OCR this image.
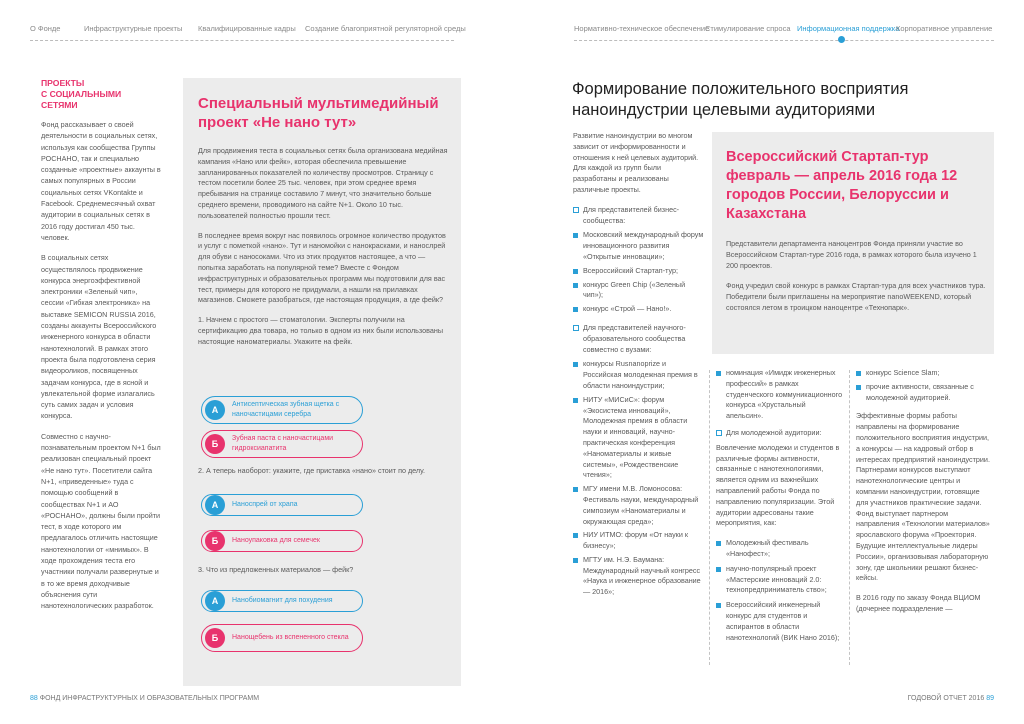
О Фонде	Инфраструктурные проекты Квалифицированные кадры Создание благоприятной регуляторной среды	Нормативно-техническое обеспечение
Стимулирование спроса Информационная поддержка
Корпоративное управление
ПРОЕКТЫ
С СОЦИАЛЬНЫМИ
СЕТЯМИ

Фонд рассказывает о своей деятельности в социальных сетях, используя как сообщества Группы РОСНАНО, так и специально созданные «проектные» аккаунты в самых популярных в России социальных сетях VKontakte и Facebook. Среднемесячный охват аудитории в социальных сетях в 2016 году достигал 450 тыс. человек.

В социальных сетях осуществлялось продвижение конкурса энергоэффективной электроники «Зеленый чип», сессии «Гибкая электроника» на выставке SEMICON RUSSIA 2016, созданы аккаунты Всероссийского инженерного конкурса в области нанотехнологий. В рамках этого проекта была подготовлена серия видеороликов, посвященных задачам конкурса, где в ясной и увлекательной форме излагались суть самих задач и условия конкурса.

Совместно с научно-познавательным проектом N+1 был реализован специальный проект «Не нано тут». Посетители сайта N+1, «приведенные» туда с помощью сообщений в сообществах N+1 и АО «РОСНАНО», должны были пройти тест, в ходе которого им предлагалось отличить настоящие нанотехнологии от «мнимых». В ходе прохождения теста его участники получали развернутые и в то же время доходчивые объяснения сути нанотехнологических разработок.

Специальный мультимедийный проект «Не нано тут»

Для продвижения теста в социальных сетях была организована медийная кампания «Нано или фейк», которая обеспечила превышение запланированных показателей по количеству просмотров. Страницу с тестом посетили более 25 тыс. человек, при этом среднее время пребывания на странице составило 7 минут, что значительно больше среднего времени, проводимого на сайте N+1. Около 10 тыс. пользователей полностью прошли тест.

В последнее время вокруг нас появилось огромное количество продуктов и услуг с пометкой «нано». Тут и наномойки с нанокрасками, и нанослрей для обуви с наносоками. Что из этих продуктов настоящее, а что — попытка заработать на популярной теме? Вместе с Фондом инфраструктурных и образовательных программ мы подготовили для вас тест, примеры для которого не придумали, а нашли на прилавках магазинов. Сможете разобраться, где настоящая продукция, а где фейк?

1. Начнем с простого — стоматологии. Эксперты получили на сертификацию два товара, но только в одном из них были использованы настоящие наноматериалы. Укажите на фейк.

А
Антисептическая зубная щетка с наночастицами серебра
Б
Зубная паста с наночастицами гидроксиапатита
2. А теперь наоборот: укажите, где приставка «нано» стоит по делу.
А	Наноспрей от храпа
Б	Наноупаковка для семечек
3. Что из предложенных материалов — фейк?
А	Нанобиомагнит для похудения
Б	Нанощебень из вспененного стекла
Формирование положительного восприятия
наноиндустрии целевыми аудиториями

Развитие наноиндустрии во многом зависит от информированности и отношения к ней целевых аудиторий. Для каждой из групп были разработаны и реализованы различные проекты.

Для представителей бизнес-сообщества:
Московский международный форум инновационного развития «Открытые инновации»;
Всероссийский Стартап-тур;
конкурс Green Chip («Зеленый чип»);
конкурс «Строй — Нано!».
Для представителей научного-образовательного сообщества совместно с вузами:
конкурсы Rusnanoprize и Российская молодежная премия в области наноиндустрии;
НИТУ «МИСиС»: форум «Экосистема инноваций», Молодежная премия в области науки и инноваций, научно-практическая конференция «Наноматериалы и живые системы», «Рождественские чтения»;
МГУ имени М.В. Ломоносова: Фестиваль науки, международный симпозиум «Наноматериалы и окружающая среда»;
НИУ ИТМО: форум «От науки к бизнесу»;
МГТУ им. Н.Э. Баумана: Международный научный конгресс «Наука и инженерное образование — 2016»;
Всероссийский Стартап-тур февраль — апрель 2016 года 12 городов России, Белоруссии и Казахстана

Представители департамента наноцентров Фонда приняли участие во Всероссийском Стартап-туре 2016 года, в рамках которого была изучено 1 200 проектов.

Фонд учредил свой конкурс в рамках Стартап-тура для всех участников тура. Победители были приглашены на мероприятие nanoWEEKEND, который состоялся летом в троицком наноцентре «Технопарк».

номинация «Имидж инженерных профессий» в рамках студенческого коммуникационного конкурса «Хрустальный апельсин».
Для молодежной аудитории:

Вовлечение молодежи и студентов в различные формы активности, связанные с нанотехнологиями, является одним из важнейших направлений работы Фонда по направлению популяризации. Этой аудитории адресованы такие мероприятия, как:

Молодежный фестиваль «Нанофест»;
научно-популярный проект «Мастерские инноваций 2.0: технопредприниматель ство»;
Всероссийский инженерный конкурс для студентов и аспирантов в области нанотехнологий (ВИК Нано 2016);
конкурс Science Slam;
прочие активности, связанные с молодежной аудиторией.

Эффективные формы работы направлены на формирование положительного восприятия индустрии, а конкурсы — на кадровый отбор в интересах предприятий наноиндустрии. Партнерами конкурсов выступают нанотехнологические центры и компании наноиндустрии, готовящие для участников практические задачи. Фонд выступает партнером направления «Технологии материалов» ярославского форума «Проектория. Будущие интеллектуальные лидеры России», организовывая лабораторную зону, где школьники решают бизнес-кейсы.

В 2016 году по заказу Фонда ВЦИОМ (дочернее подразделение —

88 ФОНД ИНФРАСТРУКТУРНЫХ И ОБРАЗОВАТЕЛЬНЫХ ПРОГРАММ	ГОДОВОЙ ОТЧЕТ 2016 89
